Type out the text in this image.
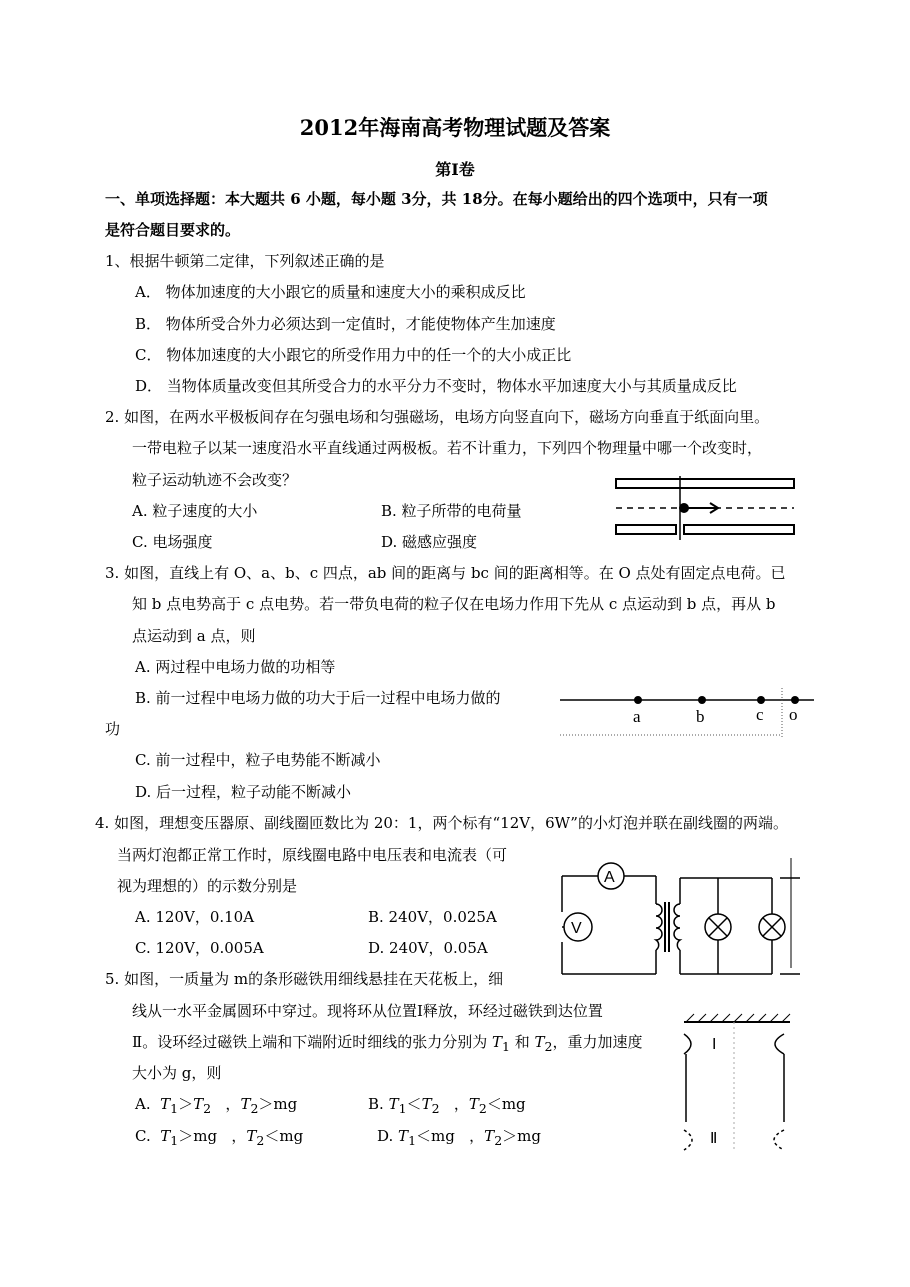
2012年海南高考物理试题及答案
第Ⅰ卷
一、单项选择题：本大题共 6 小题，每小题 3分，共 18分。在每小题给出的四个选项中，只有一项
是符合题目要求的。
1、根据牛顿第二定律，下列叙述正确的是
A． 物体加速度的大小跟它的质量和速度大小的乘积成反比
B． 物体所受合外力必须达到一定值时，才能使物体产生加速度
C． 物体加速度的大小跟它的所受作用力中的任一个的大小成正比
D． 当物体质量改变但其所受合力的水平分力不变时，物体水平加速度大小与其质量成反比
2. 如图，在两水平极板间存在匀强电场和匀强磁场，电场方向竖直向下，磁场方向垂直于纸面向里。
一带电粒子以某一速度沿水平直线通过两极板。若不计重力，下列四个物理量中哪一个改变时，
粒子运动轨迹不会改变？
A. 粒子速度的大小	B. 粒子所带的电荷量
C. 电场强度	D. 磁感应强度
3. 如图，直线上有 O、a、b、c 四点，ab 间的距离与 bc 间的距离相等。在 O 点处有固定点电荷。已
知 b 点电势高于 c 点电势。若一带负电荷的粒子仅在电场力作用下先从 c 点运动到 b 点，再从 b
点运动到 a 点，则
A. 两过程中电场力做的功相等
B. 前一过程中电场力做的功大于后一过程中电场力做的
功
C. 前一过程中，粒子电势能不断减小
D. 后一过程，粒子动能不断减小
a	b	c o
4. 如图，理想变压器原、副线圈匝数比为 20：1，两个标有“12V，6W”的小灯泡并联在副线圈的两端。
当两灯泡都正常工作时，原线圈电路中电压表和电流表（可
视为理想的）的示数分别是
A. 120V，0.10A	B. 240V，0.025A
C. 120V，0.005A	D. 240V，0.05A
A
V
5. 如图，一质量为 m的条形磁铁用细线悬挂在天花板上，细
线从一水平金属圆环中穿过。现将环从位置Ⅰ释放，环经过磁铁到达位置
Ⅱ。设环经过磁铁上端和下端附近时细线的张力分别为 $T_1$ 和 $T_2$，重力加速度
大小为 g，则
A. $T_1>T_2$ ，$T_2>mg$	B. $T_1<T_2$ ，$T_2<mg$
C. $T_1>mg$ ，$T_2<mg$	D. $T_1<mg$ ，$T_2>mg$
Ⅰ
Ⅱ
